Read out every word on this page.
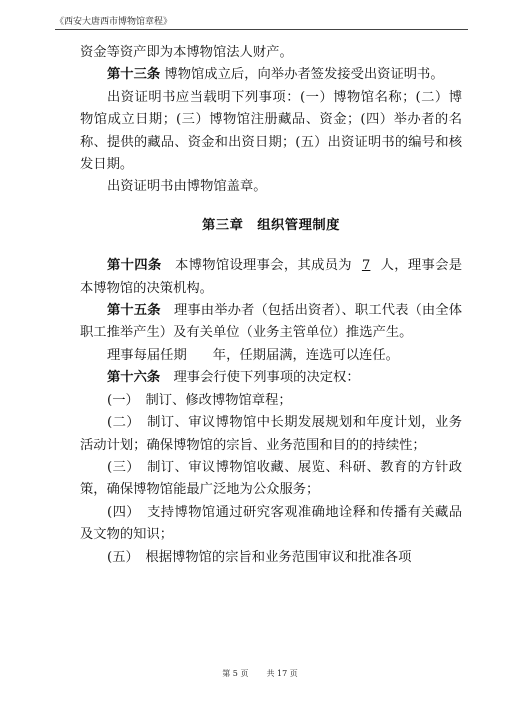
《西安大唐西市博物馆章程》

资金等资产即为本博物馆法人财产。

第十三条 博物馆成立后，向举办者签发接受出资证明书。

出资证明书应当载明下列事项：(一）博物馆名称；(二）博物馆成立日期；(三）博物馆注册藏品、资金；(四）举办者的名称、提供的藏品、资金和出资日期；(五）出资证明书的编号和核发日期。

出资证明书由博物馆盖章。

第三章　组织管理制度

第十四条　 本博物馆设理事会，其成员为 7 人，理事会是本博物馆的决策机构。

第十五条　 理事由举办者（包括出资者）、职工代表（由全体职工推举产生）及有关单位（业务主管单位）推选产生。

理事每届任期 年，任期届满，连选可以连任。

第十六条　 理事会行使下列事项的决定权：

(一）　 制订、修改博物馆章程；

(二）　 制订、审议博物馆中长期发展规划和年度计划，业务活动计划；确保博物馆的宗旨、业务范围和目的的持续性；

(三）　 制订、审议博物馆收藏、展览、科研、教育的方针政策，确保博物馆能最广泛地为公众服务；

(四）　 支持博物馆通过研究客观准确地诠释和传播有关藏品及文物的知识；

(五）　 根据博物馆的宗旨和业务范围审议和批准各项

第 5 页 共 17 页
